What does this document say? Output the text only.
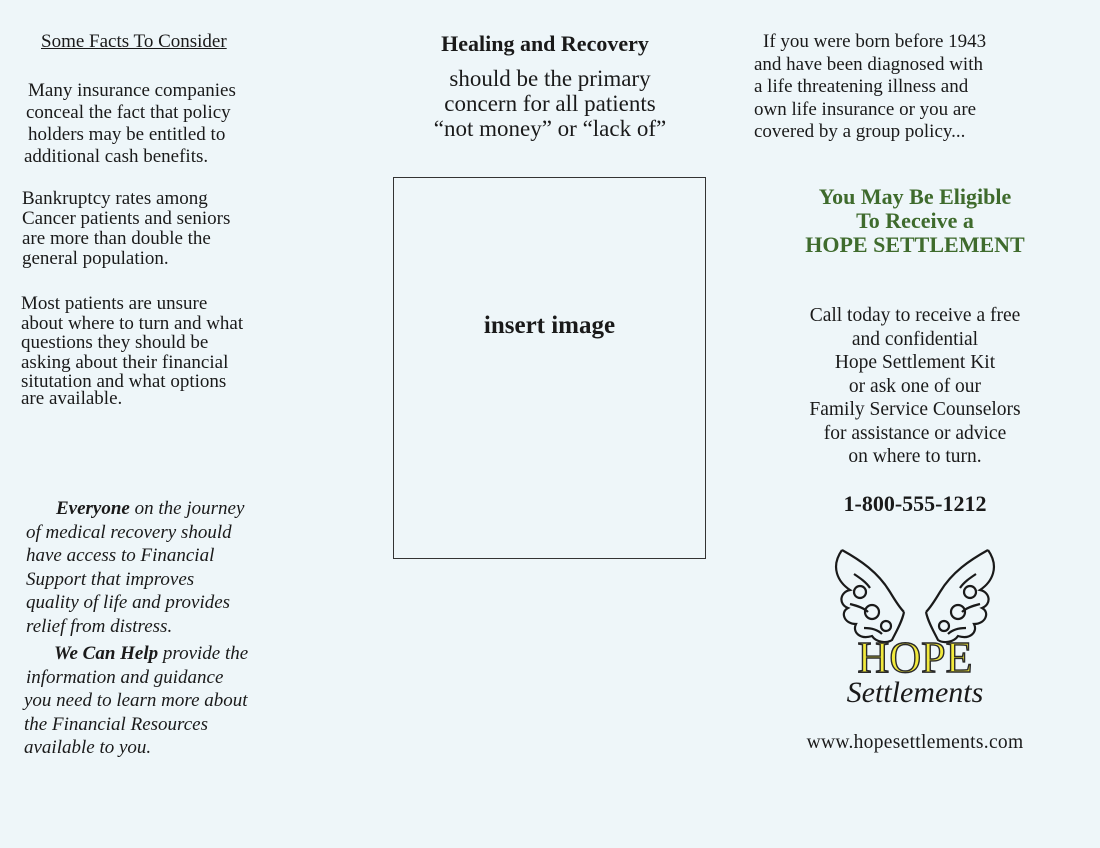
Some Facts To Consider
Many insurance companies
conceal the fact that policy
holders may be entitled to
additional cash benefits.
Bankruptcy rates among
Cancer patients and seniors
are more than double the
general population.
Most patients are unsure
about where to turn and what
questions they should be
asking about their financial
situtation and what options
are available.
Everyone on the journey
of medical recovery should
have access to Financial
Support that improves
quality of life and provides
relief from distress.
We Can Help provide the
information and guidance
you need to learn more about
the Financial Resources
available to you.
Healing and Recovery
should be the primary
concern for all patients
“not money” or “lack of”
insert image
If you were born before 1943
and have been diagnosed with
a life threatening illness and
own life insurance or you are
covered by a group policy...
You May Be Eligible
To Receive a
HOPE SETTLEMENT
Call today to receive a free
and confidential
Hope Settlement Kit
or ask one of our
Family Service Counselors
for assistance or advice
on where to turn.
1-800-555-1212
HOPE
Settlements
www.hopesettlements.com
